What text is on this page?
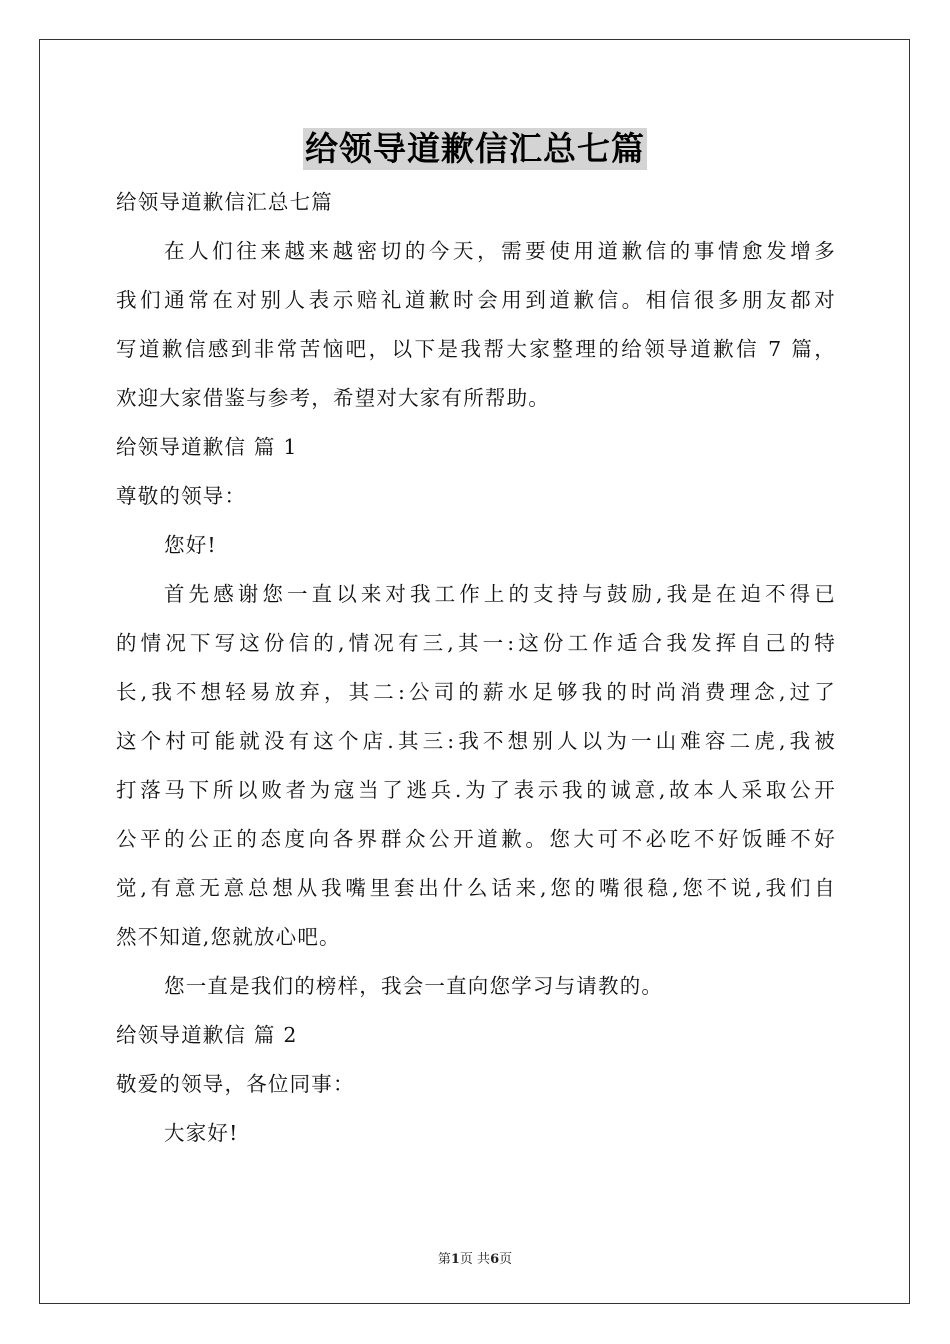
给领导道歉信汇总七篇
给领导道歉信汇总七篇
在人们往来越来越密切的今天，需要使用道歉信的事情愈发增多
我们通常在对别人表示赔礼道歉时会用到道歉信。相信很多朋友都对
写道歉信感到非常苦恼吧，以下是我帮大家整理的给领导道歉信 7 篇，
欢迎大家借鉴与参考，希望对大家有所帮助。
给领导道歉信 篇 1
尊敬的领导：
您好!
首先感谢您一直以来对我工作上的支持与鼓励,我是在迫不得已
的情况下写这份信的,情况有三,其一:这份工作适合我发挥自己的特
长,我不想轻易放弃，其二:公司的薪水足够我的时尚消费理念,过了
这个村可能就没有这个店.其三:我不想别人以为一山难容二虎,我被
打落马下所以败者为寇当了逃兵.为了表示我的诚意,故本人采取公开
公平的公正的态度向各界群众公开道歉。您大可不必吃不好饭睡不好
觉,有意无意总想从我嘴里套出什么话来,您的嘴很稳,您不说,我们自
然不知道,您就放心吧。
您一直是我们的榜样，我会一直向您学习与请教的。
给领导道歉信 篇 2
敬爱的领导，各位同事：
大家好!
第1页 共6页
